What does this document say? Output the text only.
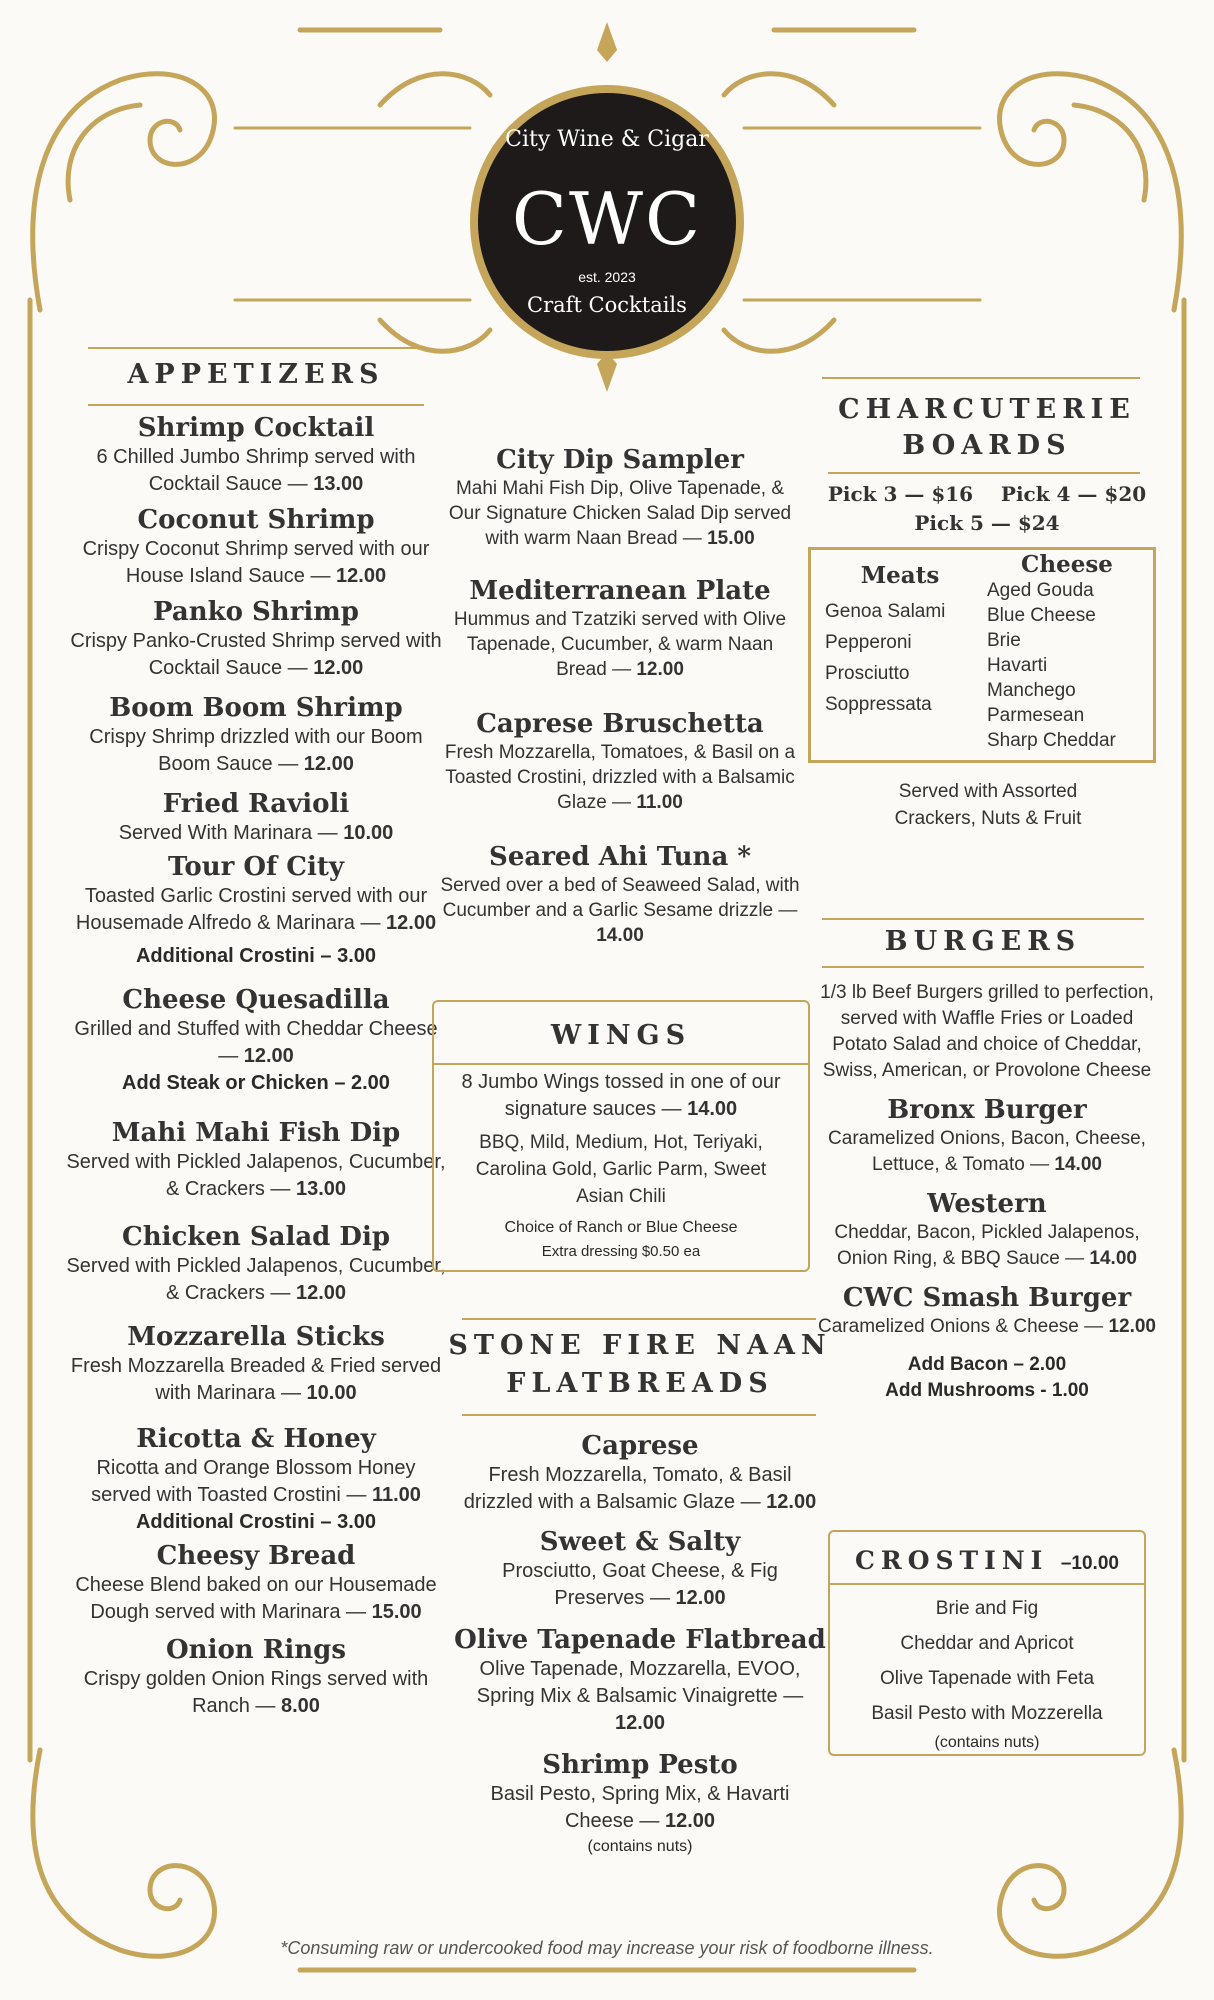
City Wine & Cigar
CWC
est. 2023
Craft Cocktails
APPETIZERS
Shrimp Cocktail
6 Chilled Jumbo Shrimp served with Cocktail Sauce — 13.00
Coconut Shrimp
Crispy Coconut Shrimp served with our House Island Sauce — 12.00
Panko Shrimp
Crispy Panko-Crusted Shrimp served with Cocktail Sauce — 12.00
Boom Boom Shrimp
Crispy Shrimp drizzled with our Boom Boom Sauce — 12.00
Fried Ravioli
Served With Marinara — 10.00
Tour Of City
Toasted Garlic Crostini served with our Housemade Alfredo & Marinara — 12.00
Additional Crostini – 3.00
Cheese Quesadilla
Grilled and Stuffed with Cheddar Cheese — 12.00
Add Steak or Chicken – 2.00
Mahi Mahi Fish Dip
Served with Pickled Jalapenos, Cucumber, & Crackers — 13.00
Chicken Salad Dip
Served with Pickled Jalapenos, Cucumber, & Crackers — 12.00
Mozzarella Sticks
Fresh Mozzarella Breaded & Fried served with Marinara — 10.00
Ricotta & Honey
Ricotta and Orange Blossom Honey served with Toasted Crostini — 11.00
Additional Crostini – 3.00
Cheesy Bread
Cheese Blend baked on our Housemade Dough served with Marinara — 15.00
Onion Rings
Crispy golden Onion Rings served with Ranch — 8.00
City Dip Sampler
Mahi Mahi Fish Dip, Olive Tapenade, & Our Signature Chicken Salad Dip served with warm Naan Bread — 15.00
Mediterranean Plate
Hummus and Tzatziki served with Olive Tapenade, Cucumber, & warm Naan Bread — 12.00
Caprese Bruschetta
Fresh Mozzarella, Tomatoes, & Basil on a Toasted Crostini, drizzled with a Balsamic Glaze — 11.00
Seared Ahi Tuna *
Served over a bed of Seaweed Salad, with Cucumber and a Garlic Sesame drizzle — 14.00
WINGS
8 Jumbo Wings tossed in one of our signature sauces — 14.00
BBQ, Mild, Medium, Hot, Teriyaki, Carolina Gold, Garlic Parm, Sweet Asian Chili
Choice of Ranch or Blue Cheese
Extra dressing $0.50 ea
STONE FIRE NAAN
FLATBREADS
Caprese
Fresh Mozzarella, Tomato, & Basil drizzled with a Balsamic Glaze — 12.00
Sweet & Salty
Prosciutto, Goat Cheese, & Fig Preserves — 12.00
Olive Tapenade Flatbread
Olive Tapenade, Mozzarella, EVOO, Spring Mix & Balsamic Vinaigrette — 12.00
Shrimp Pesto
Basil Pesto, Spring Mix, & Havarti Cheese — 12.00
(contains nuts)
CHARCUTERIE
BOARDS
Pick 3 — $16    Pick 4 — $20
Pick 5 — $24
Meats
Genoa Salami
Pepperoni
Prosciutto
Soppressata
Cheese
Aged Gouda
Blue Cheese
Brie
Havarti
Manchego
Parmesean
Sharp Cheddar
Served with Assorted Crackers, Nuts & Fruit
BURGERS
1/3 lb Beef Burgers grilled to perfection, served with Waffle Fries or Loaded Potato Salad and choice of Cheddar, Swiss, American, or Provolone Cheese
Bronx Burger
Caramelized Onions, Bacon, Cheese, Lettuce, & Tomato — 14.00
Western
Cheddar, Bacon, Pickled Jalapenos, Onion Ring, & BBQ Sauce — 14.00
CWC Smash Burger
Caramelized Onions & Cheese — 12.00
Add Bacon – 2.00
Add Mushrooms - 1.00
CROSTINI –10.00
Brie and Fig
Cheddar and Apricot
Olive Tapenade with Feta
Basil Pesto with Mozzerella
(contains nuts)
*Consuming raw or undercooked food may increase your risk of foodborne illness.
